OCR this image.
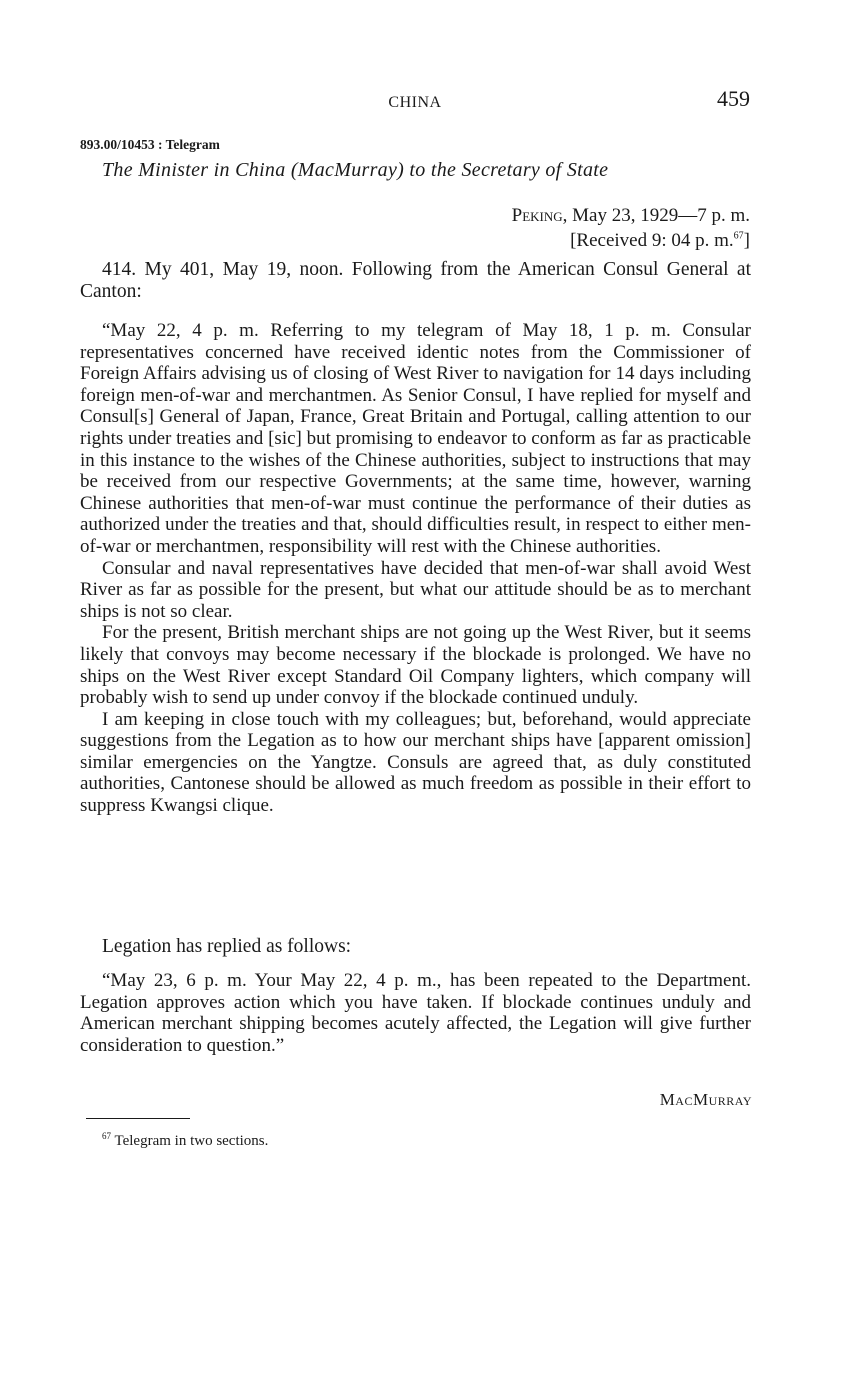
CHINA	459
893.00/10453 : Telegram
The Minister in China (MacMurray) to the Secretary of State
Peking, May 23, 1929—7 p. m.
[Received 9: 04 p. m.$^{67}$]

414. My 401, May 19, noon. Following from the American Consul General at Canton:

“May 22, 4 p. m. Referring to my telegram of May 18, 1 p. m. Consular representatives concerned have received identic notes from the Commissioner of Foreign Affairs advising us of closing of West River to navigation for 14 days including foreign men-of-war and merchantmen. As Senior Consul, I have replied for myself and Consul[s] General of Japan, France, Great Britain and Portugal, calling attention to our rights under treaties and [sic] but promising to endeavor to conform as far as practicable in this instance to the wishes of the Chinese authorities, subject to instructions that may be received from our respective Governments; at the same time, however, warning Chinese authorities that men-of-war must continue the performance of their duties as authorized under the treaties and that, should difficulties result, in respect to either men-of-war or merchantmen, responsibility will rest with the Chinese authorities.

Consular and naval representatives have decided that men-of-war shall avoid West River as far as possible for the present, but what our attitude should be as to merchant ships is not so clear.

For the present, British merchant ships are not going up the West River, but it seems likely that convoys may become necessary if the blockade is prolonged. We have no ships on the West River except Standard Oil Company lighters, which company will probably wish to send up under convoy if the blockade continued unduly.

I am keeping in close touch with my colleagues; but, beforehand, would appreciate suggestions from the Legation as to how our merchant ships have [apparent omission] similar emergencies on the Yangtze. Consuls are agreed that, as duly constituted authorities, Cantonese should be allowed as much freedom as possible in their effort to suppress Kwangsi clique.

Legation has replied as follows:

“May 23, 6 p. m. Your May 22, 4 p. m., has been repeated to the Department. Legation approves action which you have taken. If blockade continues unduly and American merchant shipping becomes acutely affected, the Legation will give further consideration to question.”

MacMurray
$^{67}$ Telegram in two sections.
